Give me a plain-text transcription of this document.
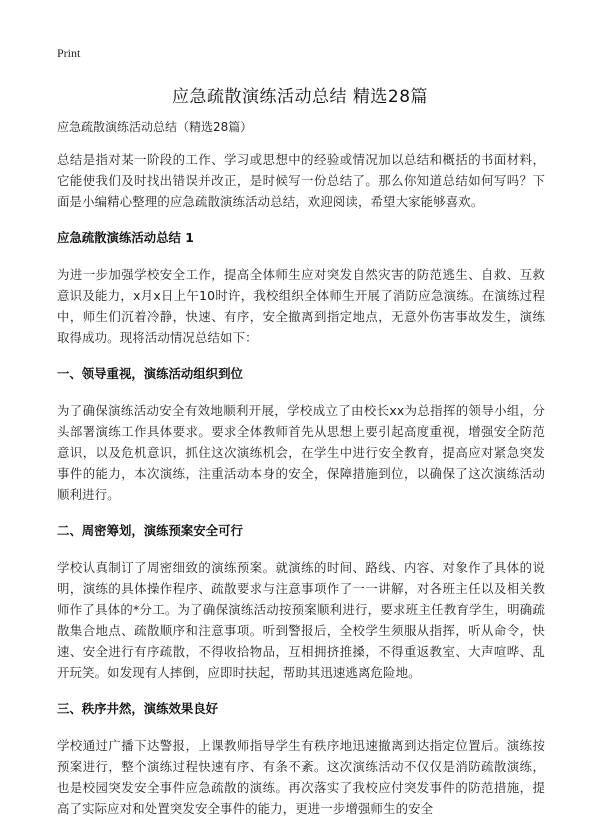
Print
应急疏散演练活动总结 精选28篇
应急疏散演练活动总结（精选28篇）

总结是指对某一阶段的工作、学习或思想中的经验或情况加以总结和概括的书面材料，它能使我们及时找出错误并改正，是时候写一份总结了。那么你知道总结如何写吗？下面是小编精心整理的应急疏散演练活动总结，欢迎阅读，希望大家能够喜欢。

应急疏散演练活动总结 1

为进一步加强学校安全工作，提高全体师生应对突发自然灾害的防范逃生、自救、互救意识及能力，x月x日上午10时许，我校组织全体师生开展了消防应急演练。在演练过程中，师生们沉着冷静，快速、有序，安全撤离到指定地点，无意外伤害事故发生，演练取得成功。现将活动情况总结如下：

一、领导重视，演练活动组织到位

为了确保演练活动安全有效地顺利开展，学校成立了由校长xx为总指挥的领导小组，分头部署演练工作具体要求。要求全体教师首先从思想上要引起高度重视，增强安全防范意识，以及危机意识，抓住这次演练机会，在学生中进行安全教育，提高应对紧急突发事件的能力，本次演练，注重活动本身的安全，保障措施到位，以确保了这次演练活动顺利进行。

二、周密筹划，演练预案安全可行

学校认真制订了周密细致的演练预案。就演练的时间、路线、内容、对象作了具体的说明，演练的具体操作程序、疏散要求与注意事项作了一一讲解，对各班主任以及相关教师作了具体的*分工。为了确保演练活动按预案顺利进行，要求班主任教育学生，明确疏散集合地点、疏散顺序和注意事项。听到警报后，全校学生须服从指挥，听从命令，快速、安全进行有序疏散，不得收拾物品，互相拥挤推搡，不得重返教室、大声喧哗、乱开玩笑。如发现有人摔倒，应即时扶起，帮助其迅速逃离危险地。

三、秩序井然，演练效果良好

学校通过广播下达警报，上课教师指导学生有秩序地迅速撤离到达指定位置后。演练按预案进行，整个演练过程快速有序、有条不紊。这次演练活动不仅仅是消防疏散演练，也是校园突发安全事件应急疏散的演练。再次落实了我校应付突发事件的防范措施，提高了实际应对和处置突发安全事件的能力，更进一步增强师生的安全
